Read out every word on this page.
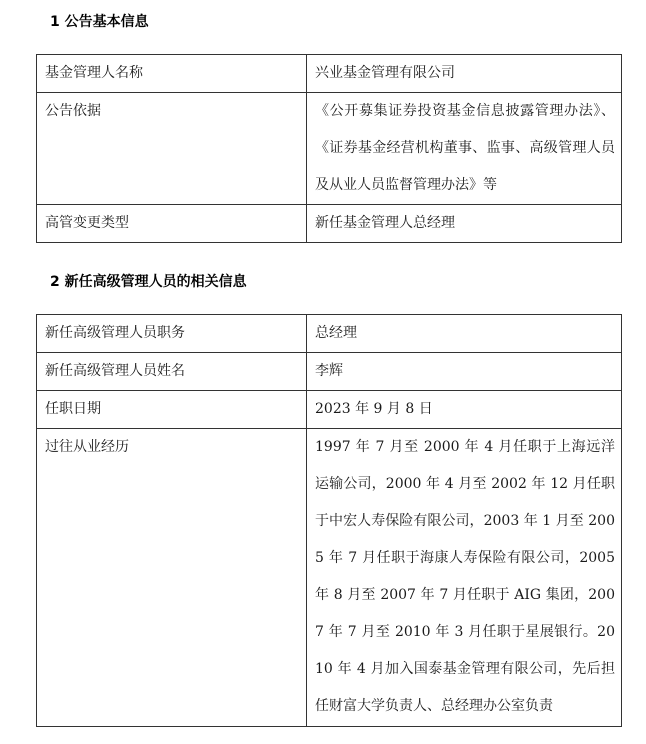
1 公告基本信息
基金管理人名称	兴业基金管理有限公司
公告依据	《公开募集证券投资基金信息披露管理办法》、《证券基金经营机构董事、监事、高级管理人员及从业人员监督管理办法》等
高管变更类型	新任基金管理人总经理
2 新任高级管理人员的相关信息
新任高级管理人员职务	总经理
新任高级管理人员姓名	李辉
任职日期	2023 年 9 月 8 日
过往从业经历	1997 年 7 月至 2000 年 4 月任职于上海远洋运输公司，2000 年 4 月至 2002 年 12 月任职于中宏人寿保险有限公司，2003 年 1 月至 2005 年 7 月任职于海康人寿保险有限公司，2005 年 8 月至 2007 年 7 月任职于 AIG 集团，2007 年 7 月至 2010 年 3 月任职于星展银行。2010 年 4 月加入国泰基金管理有限公司，先后担任财富大学负责人、总经理办公室负责
